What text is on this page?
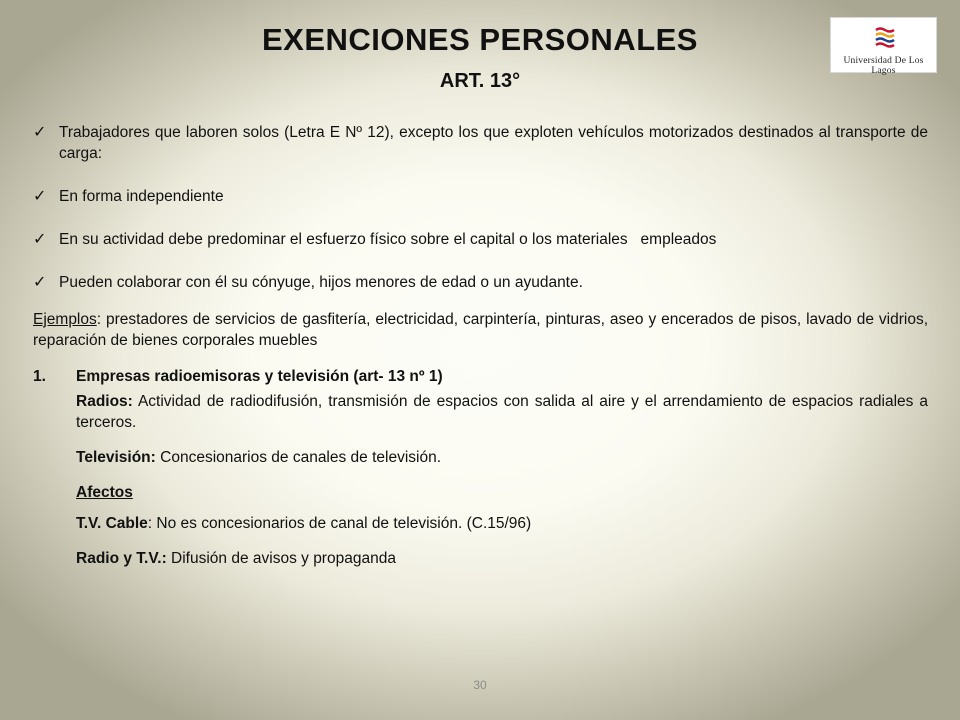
EXENCIONES PERSONALES
ART. 13°
Universidad De Los Lagos
✓ Trabajadores que laboren solos (Letra E Nº 12), excepto los que exploten vehículos motorizados destinados al transporte de carga:
✓ En forma independiente
✓ En su actividad debe predominar el esfuerzo físico sobre el capital o los materiales   empleados
✓ Pueden colaborar con él su cónyuge, hijos menores de edad o un ayudante.
Ejemplos: prestadores de servicios de gasfitería, electricidad, carpintería, pinturas, aseo y encerados de pisos, lavado de vidrios, reparación de bienes corporales muebles
1. Empresas radioemisoras y televisión (art- 13 nº 1)
Radios: Actividad de radiodifusión, transmisión de espacios con salida al aire y el arrendamiento de espacios radiales a terceros.
Televisión: Concesionarios de canales de televisión.
Afectos
T.V. Cable: No es concesionarios de canal de televisión. (C.15/96)
Radio y T.V.: Difusión de avisos y propaganda
30
